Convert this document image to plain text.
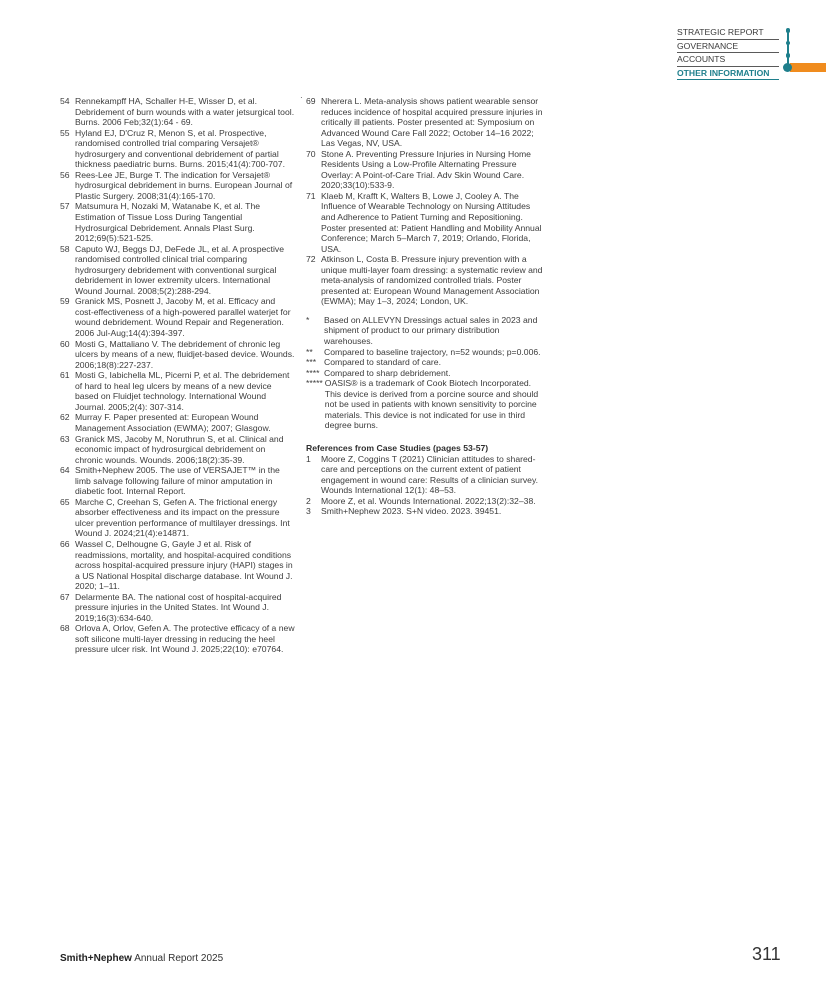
STRATEGIC REPORT
GOVERNANCE
ACCOUNTS
OTHER INFORMATION
·
54 Rennekampff HA, Schaller H-E, Wisser D, et al. Debridement of burn wounds with a water jetsurgical tool. Burns. 2006 Feb;32(1):64 - 69.
55 Hyland EJ, D'Cruz R, Menon S, et al. Prospective, randomised controlled trial comparing Versajet® hydrosurgery and conventional debridement of partial thickness paediatric burns. Burns. 2015;41(4):700-707.
56 Rees-Lee JE, Burge T. The indication for Versajet® hydrosurgical debridement in burns. European Journal of Plastic Surgery. 2008;31(4):165-170.
57 Matsumura H, Nozaki M, Watanabe K, et al. The Estimation of Tissue Loss During Tangential Hydrosurgical Debridement. Annals Plast Surg. 2012;69(5):521-525.
58 Caputo WJ, Beggs DJ, DeFede JL, et al. A prospective randomised controlled clinical trial comparing hydrosurgery debridement with conventional surgical debridement in lower extremity ulcers. International Wound Journal. 2008;5(2):288-294.
59 Granick MS, Posnett J, Jacoby M, et al. Efficacy and cost-effectiveness of a high-powered parallel waterjet for wound debridement. Wound Repair and Regeneration. 2006 Jul-Aug;14(4):394-397.
60 Mosti G, Mattaliano V. The debridement of chronic leg ulcers by means of a new, fluidjet-based device. Wounds. 2006;18(8):227-237.
61 Mosti G, Iabichella ML, Picerni P, et al. The debridement of hard to heal leg ulcers by means of a new device based on Fluidjet technology. International Wound Journal. 2005;2(4): 307-314.
62 Murray F. Paper presented at: European Wound Management Association (EWMA); 2007; Glasgow.
63 Granick MS, Jacoby M, Noruthrun S, et al. Clinical and economic impact of hydrosurgical debridement on chronic wounds. Wounds. 2006;18(2):35-39.
64 Smith+Nephew 2005. The use of VERSAJET™ in the limb salvage following failure of minor amputation in diabetic foot. Internal Report.
65 Marche C, Creehan S, Gefen A. The frictional energy absorber effectiveness and its impact on the pressure ulcer prevention performance of multilayer dressings. Int Wound J. 2024;21(4):e14871.
66 Wassel C, Delhougne G, Gayle J et al. Risk of readmissions, mortality, and hospital-acquired conditions across hospital-acquired pressure injury (HAPI) stages in a US National Hospital discharge database. Int Wound J. 2020; 1–11.
67 Delarmente BA. The national cost of hospital-acquired pressure injuries in the United States. Int Wound J. 2019;16(3):634-640.
68 Orlova A, Orlov, Gefen A. The protective efficacy of a new soft silicone multi-layer dressing in reducing the heel pressure ulcer risk. Int Wound J. 2025;22(10): e70764.
69 Nherera L. Meta-analysis shows patient wearable sensor reduces incidence of hospital acquired pressure injuries in critically ill patients. Poster presented at: Symposium on Advanced Wound Care Fall 2022; October 14–16 2022; Las Vegas, NV, USA.
70 Stone A. Preventing Pressure Injuries in Nursing Home Residents Using a Low-Profile Alternating Pressure Overlay: A Point-of-Care Trial. Adv Skin Wound Care. 2020;33(10):533-9.
71 Klaeb M, Krafft K, Walters B, Lowe J, Cooley A. The Influence of Wearable Technology on Nursing Attitudes and Adherence to Patient Turning and Repositioning. Poster presented at: Patient Handling and Mobility Annual Conference; March 5–March 7, 2019; Orlando, Florida, USA.
72 Atkinson L, Costa B. Pressure injury prevention with a unique multi-layer foam dressing: a systematic review and meta-analysis of randomized controlled trials. Poster presented at: European Wound Management Association (EWMA); May 1–3, 2024; London, UK.
*	Based on ALLEVYN Dressings actual sales in 2023 and shipment of product to our primary distribution warehouses.
**	Compared to baseline trajectory, n=52 wounds; p=0.006.
*** Compared to standard of care.
**** Compared to sharp debridement.
***** OASIS® is a trademark of Cook Biotech Incorporated. This device is derived from a porcine source and should not be used in patients with known sensitivity to porcine materials. This device is not indicated for use in third degree burns.
References from Case Studies (pages 53-57)
1	Moore Z, Coggins T (2021) Clinician attitudes to shared-care and perceptions on the current extent of patient engagement in wound care: Results of a clinician survey. Wounds International 12(1): 48–53.
2	Moore Z, et al. Wounds International. 2022;13(2):32–38.
3	Smith+Nephew 2023. S+N video. 2023. 39451.
Smith+Nephew Annual Report 2025	311
